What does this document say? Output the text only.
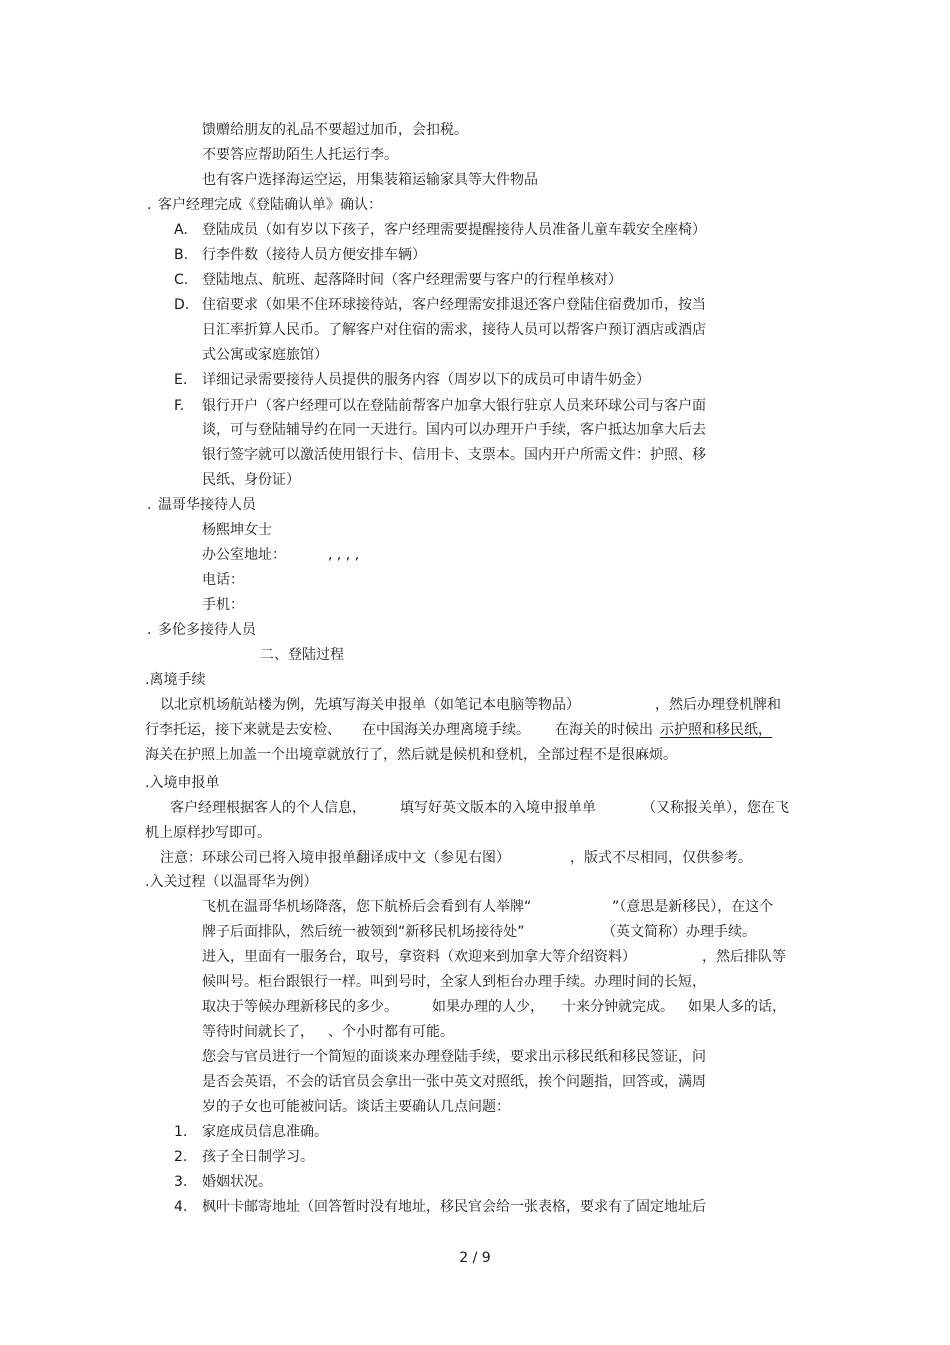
馈赠给朋友的礼品不要超过加币，会扣税。
不要答应帮助陌生人托运行李。
也有客户选择海运空运，用集装箱运输家具等大件物品
. 客户经理完成《登陆确认单》确认：
A. 登陆成员（如有岁以下孩子，客户经理需要提醒接待人员准备儿童车载安全座椅）
B. 行李件数（接待人员方便安排车辆）
C. 登陆地点、航班、起落降时间（客户经理需要与客户的行程单核对）
D. 住宿要求（如果不住环球接待站，客户经理需安排退还客户登陆住宿费加币，按当
日汇率折算人民币。了解客户对住宿的需求，接待人员可以帮客户预订酒店或酒店
式公寓或家庭旅馆）
E. 详细记录需要接待人员提供的服务内容（周岁以下的成员可申请牛奶金）
F. 银行开户（客户经理可以在登陆前帮客户加拿大银行驻京人员来环球公司与客户面
谈，可与登陆辅导约在同一天进行。国内可以办理开户手续，客户抵达加拿大后去
银行签字就可以激活使用银行卡、信用卡、支票本。国内开户所需文件：护照、移
民纸、身份证）
. 温哥华接待人员
杨熙坤女士
办公室地址：	, , , ,
电话：
手机：
. 多伦多接待人员
二、登陆过程
.离境手续
以北京机场航站楼为例，先填写海关申报单（如笔记本电脑等物品）	，然后办理登机牌和
行李托运，接下来就是去安检、 在中国海关办理离境手续。 在海关的时候出 示护照和移民纸，
海关在护照上加盖一个出境章就放行了，然后就是候机和登机，全部过程不是很麻烦。
.入境申报单
客户经理根据客人的个人信息， 填写好英文版本的入境申报单单	（又称报关单），您在飞
机上原样抄写即可。
注意：环球公司已将入境申报单翻译成中文（参见右图）	，版式不尽相同，仅供参考。
.入关过程（以温哥华为例）
飞机在温哥华机场降落，您下航桥后会看到有人举牌“	”（意思是新移民），在这个
牌子后面排队，然后统一被领到“新移民机场接待处”	（英文简称）办理手续。
进入，里面有一服务台，取号，拿资料（欢迎来到加拿大等介绍资料）	，然后排队等
候叫号。柜台跟银行一样。叫到号时，全家人到柜台办理手续。办理时间的长短，
取决于等候办理新移民的多少。 如果办理的人少， 十来分钟就完成。 如果人多的话，
等待时间就长了， 、个小时都有可能。
您会与官员进行一个简短的面谈来办理登陆手续，要求出示移民纸和移民签证，问
是否会英语，不会的话官员会拿出一张中英文对照纸，挨个问题指，回答或，满周
岁的子女也可能被问话。谈话主要确认几点问题：
1. 家庭成员信息准确。
2. 孩子全日制学习。
3. 婚姻状况。
4. 枫叶卡邮寄地址（回答暂时没有地址，移民官会给一张表格，要求有了固定地址后
2 / 9
